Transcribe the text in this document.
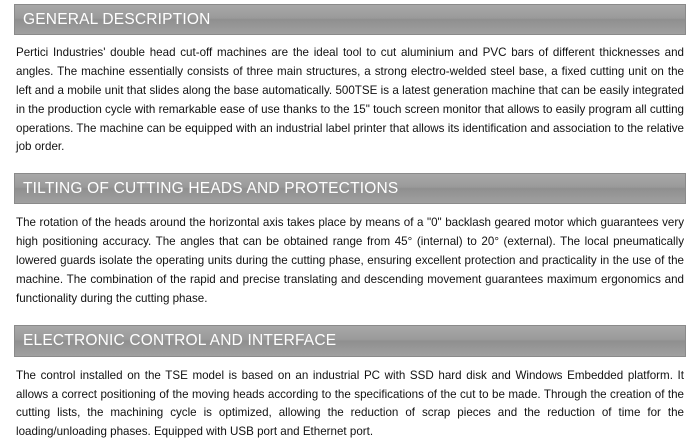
GENERAL DESCRIPTION
Pertici Industries' double head cut-off machines are the ideal tool to cut aluminium and PVC bars of different thicknesses and angles. The machine essentially consists of three main structures, a strong electro-welded steel base, a fixed cutting unit on the left and a mobile unit that slides along the base automatically. 500TSE is a latest generation machine that can be easily integrated in the production cycle with remarkable ease of use thanks to the 15" touch screen monitor that allows to easily program all cutting operations. The machine can be equipped with an industrial label printer that allows its identification and association to the relative job order.
TILTING OF CUTTING HEADS AND PROTECTIONS
The rotation of the heads around the horizontal axis takes place by means of a "0" backlash geared motor which guarantees very high positioning accuracy. The angles that can be obtained range from 45° (internal) to 20° (external). The local pneumatically lowered guards isolate the operating units during the cutting phase, ensuring excellent protection and practicality in the use of the machine. The combination of the rapid and precise translating and descending movement guarantees maximum ergonomics and functionality during the cutting phase.
ELECTRONIC CONTROL AND INTERFACE
The control installed on the TSE model is based on an industrial PC with SSD hard disk and Windows Embedded platform. It allows a correct positioning of the moving heads according to the specifications of the cut to be made. Through the creation of the cutting lists, the machining cycle is optimized, allowing the reduction of scrap pieces and the reduction of time for the loading/unloading phases. Equipped with USB port and Ethernet port.
